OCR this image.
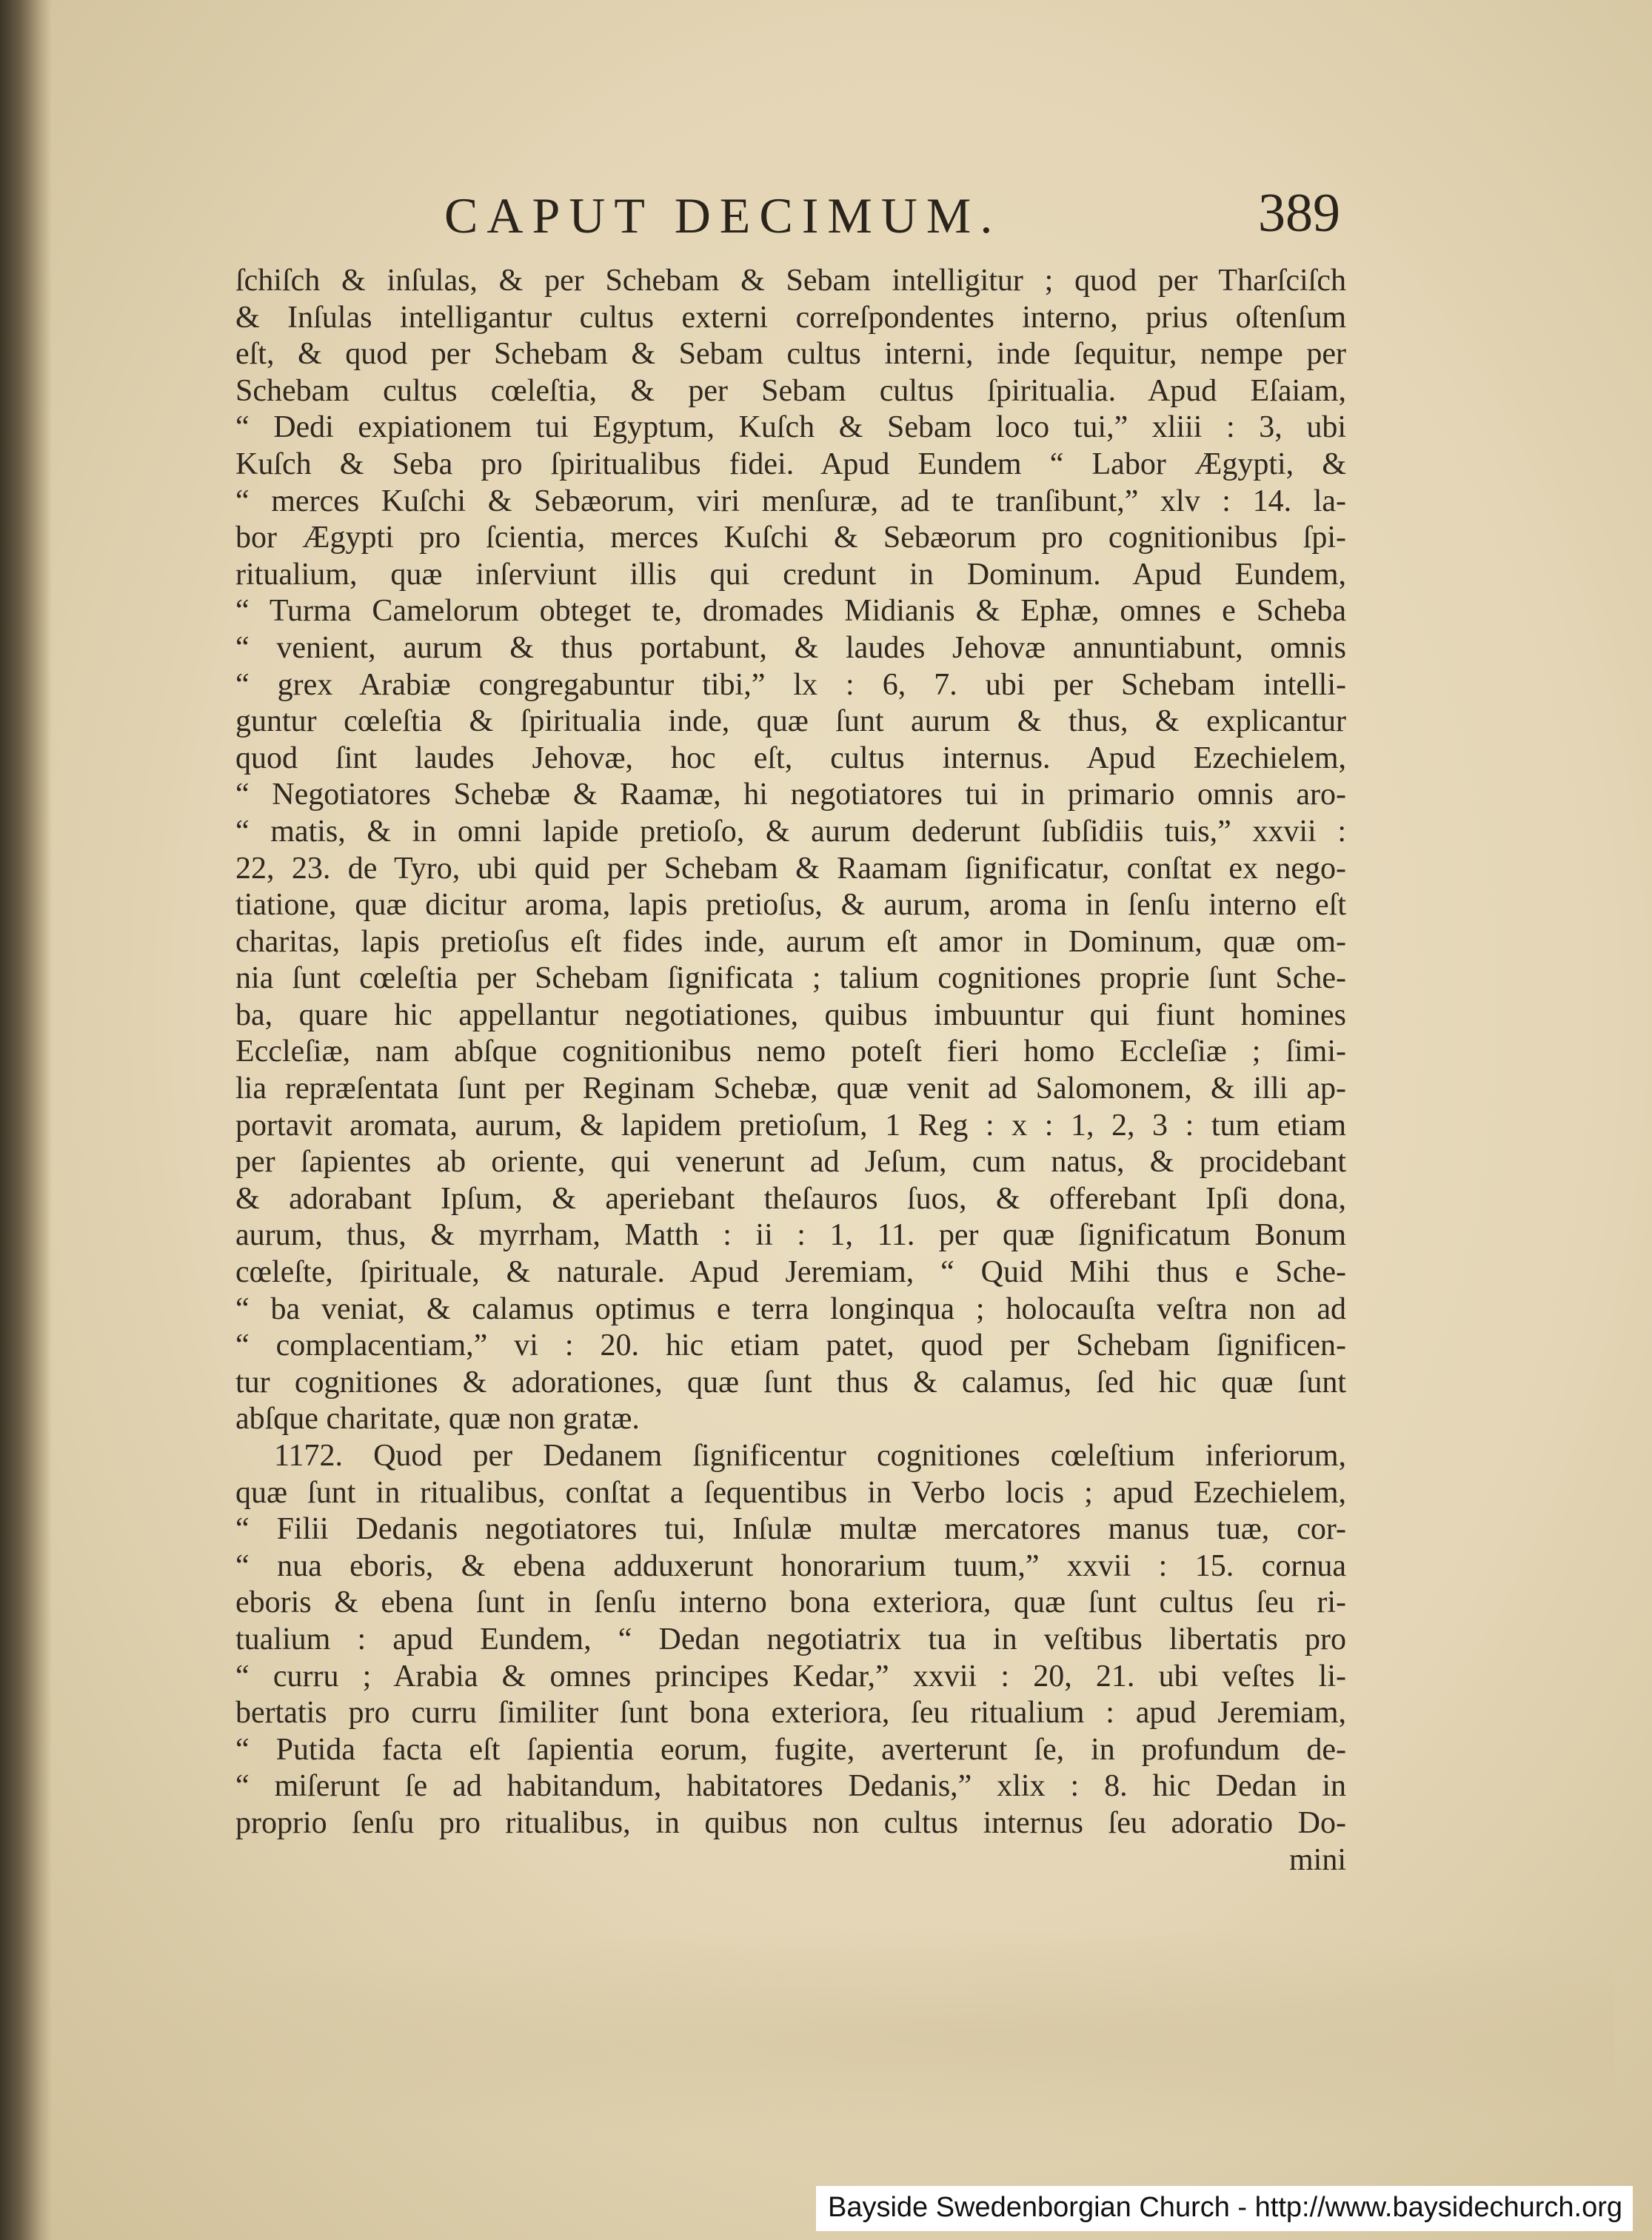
CAPUT DECIMUM.	389
ſchiſch & inſulas, & per Schebam & Sebam intelligitur ; quod per Tharſciſch
& Inſulas intelligantur cultus externi correſpondentes interno, prius oſtenſum
eſt, & quod per Schebam & Sebam cultus interni, inde ſequitur, nempe per
Schebam cultus cœleſtia, & per Sebam cultus ſpiritualia. Apud Eſaiam,
“ Dedi expiationem tui Egyptum, Kuſch & Sebam loco tui,” xliii : 3, ubi
Kuſch & Seba pro ſpiritualibus fidei. Apud Eundem “ Labor Ægypti, &
“ merces Kuſchi & Sebæorum, viri menſuræ, ad te tranſibunt,” xlv : 14. la-
bor Ægypti pro ſcientia, merces Kuſchi & Sebæorum pro cognitionibus ſpi-
ritualium, quæ inſerviunt illis qui credunt in Dominum. Apud Eundem,
“ Turma Camelorum obteget te, dromades Midianis & Ephæ, omnes e Scheba
“ venient, aurum & thus portabunt, & laudes Jehovæ annuntiabunt, omnis
“ grex Arabiæ congregabuntur tibi,” lx : 6, 7. ubi per Schebam intelli-
guntur cœleſtia & ſpiritualia inde, quæ ſunt aurum & thus, & explicantur
quod ſint laudes Jehovæ, hoc eſt, cultus internus. Apud Ezechielem,
“ Negotiatores Schebæ & Raamæ, hi negotiatores tui in primario omnis aro-
“ matis, & in omni lapide pretioſo, & aurum dederunt ſubſidiis tuis,” xxvii :
22, 23. de Tyro, ubi quid per Schebam & Raamam ſignificatur, conſtat ex nego-
tiatione, quæ dicitur aroma, lapis pretioſus, & aurum, aroma in ſenſu interno eſt
charitas, lapis pretioſus eſt fides inde, aurum eſt amor in Dominum, quæ om-
nia ſunt cœleſtia per Schebam ſignificata ; talium cognitiones proprie ſunt Sche-
ba, quare hic appellantur negotiationes, quibus imbuuntur qui fiunt homines
Eccleſiæ, nam abſque cognitionibus nemo poteſt fieri homo Eccleſiæ ; ſimi-
lia repræſentata ſunt per Reginam Schebæ, quæ venit ad Salomonem, & illi ap-
portavit aromata, aurum, & lapidem pretioſum, 1 Reg : x : 1, 2, 3 : tum etiam
per ſapientes ab oriente, qui venerunt ad Jeſum, cum natus, & procidebant
& adorabant Ipſum, & aperiebant theſauros ſuos, & offerebant Ipſi dona,
aurum, thus, & myrrham, Matth : ii : 1, 11. per quæ ſignificatum Bonum
cœleſte, ſpirituale, & naturale. Apud Jeremiam, “ Quid Mihi thus e Sche-
“ ba veniat, & calamus optimus e terra longinqua ; holocauſta veſtra non ad
“ complacentiam,” vi : 20. hic etiam patet, quod per Schebam ſignificen-
tur cognitiones & adorationes, quæ ſunt thus & calamus, ſed hic quæ ſunt
abſque charitate, quæ non gratæ.
1172. Quod per Dedanem ſignificentur cognitiones cœleſtium inferiorum,
quæ ſunt in ritualibus, conſtat a ſequentibus in Verbo locis ; apud Ezechielem,
“ Filii Dedanis negotiatores tui, Inſulæ multæ mercatores manus tuæ, cor-
“ nua eboris, & ebena adduxerunt honorarium tuum,” xxvii : 15. cornua
eboris & ebena ſunt in ſenſu interno bona exteriora, quæ ſunt cultus ſeu ri-
tualium : apud Eundem, “ Dedan negotiatrix tua in veſtibus libertatis pro
“ curru ; Arabia & omnes principes Kedar,” xxvii : 20, 21. ubi veſtes li-
bertatis pro curru ſimiliter ſunt bona exteriora, ſeu ritualium : apud Jeremiam,
“ Putida facta eſt ſapientia eorum, fugite, averterunt ſe, in profundum de-
“ miſerunt ſe ad habitandum, habitatores Dedanis,” xlix : 8. hic Dedan in
proprio ſenſu pro ritualibus, in quibus non cultus internus ſeu adoratio Do-
mini
Bayside Swedenborgian Church - http://www.baysidechurch.org
